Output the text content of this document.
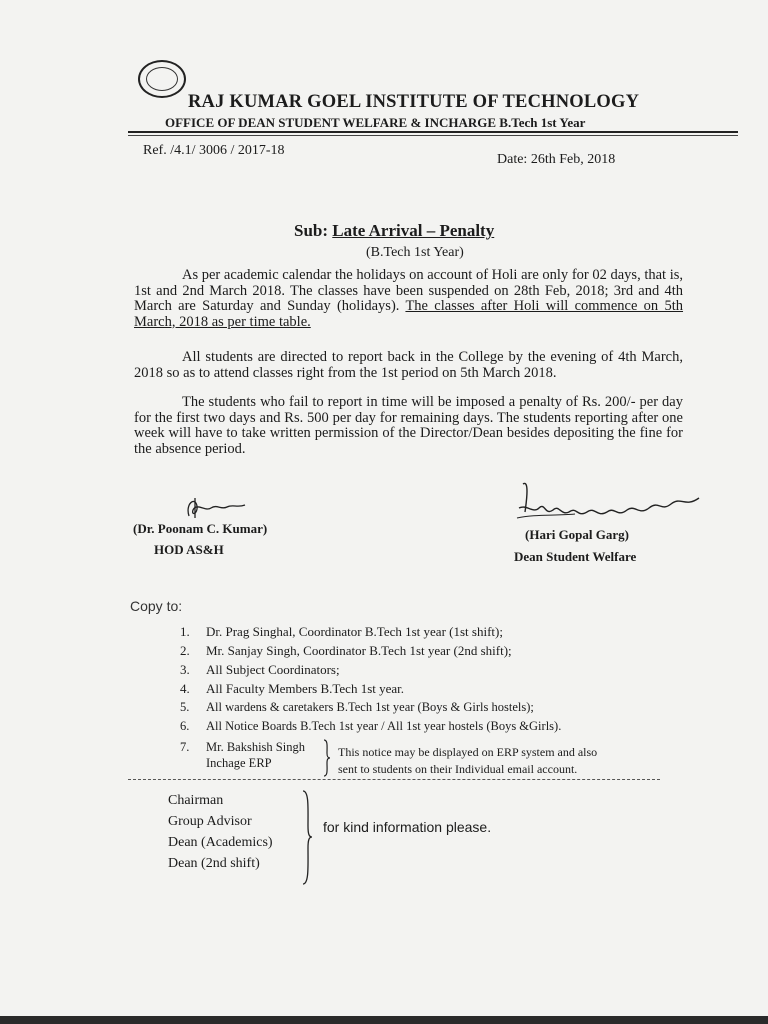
RAJ KUMAR GOEL INSTITUTE OF TECHNOLOGY
OFFICE OF DEAN STUDENT WELFARE & INCHARGE B.Tech 1st Year
Ref. /4.1/ 3006 / 2017-18
Date: 26th Feb, 2018
Sub: Late Arrival – Penalty
(B.Tech 1st Year)

As per academic calendar the holidays on account of Holi are only for 02 days, that is, 1st and 2nd March 2018. The classes have been suspended on 28th Feb, 2018; 3rd and 4th March are Saturday and Sunday (holidays). The classes after Holi will commence on 5th March, 2018 as per time table.

All students are directed to report back in the College by the evening of 4th March, 2018 so as to attend classes right from the 1st period on 5th March 2018.

The students who fail to report in time will be imposed a penalty of Rs. 200/- per day for the first two days and Rs. 500 per day for remaining days. The students reporting after one week will have to take written permission of the Director/Dean besides depositing the fine for the absence period.

(Dr. Poonam C. Kumar)
HOD AS&H
(Hari Gopal Garg)
Dean Student Welfare
Copy to:
1. Dr. Prag Singhal, Coordinator B.Tech 1st year (1st shift);
2. Mr. Sanjay Singh, Coordinator B.Tech 1st year (2nd shift);
3. All Subject Coordinators;
4. All Faculty Members B.Tech 1st year.
5. All wardens & caretakers B.Tech 1st year (Boys & Girls hostels);
6. All Notice Boards B.Tech 1st year / All 1st year hostels (Boys &Girls).
7. Mr. Bakshish Singh
Inchage ERP
This notice may be displayed on ERP system and also
sent to students on their Individual email account.
Chairman
Group Advisor
Dean (Academics)
Dean (2nd shift)
for kind information please.
